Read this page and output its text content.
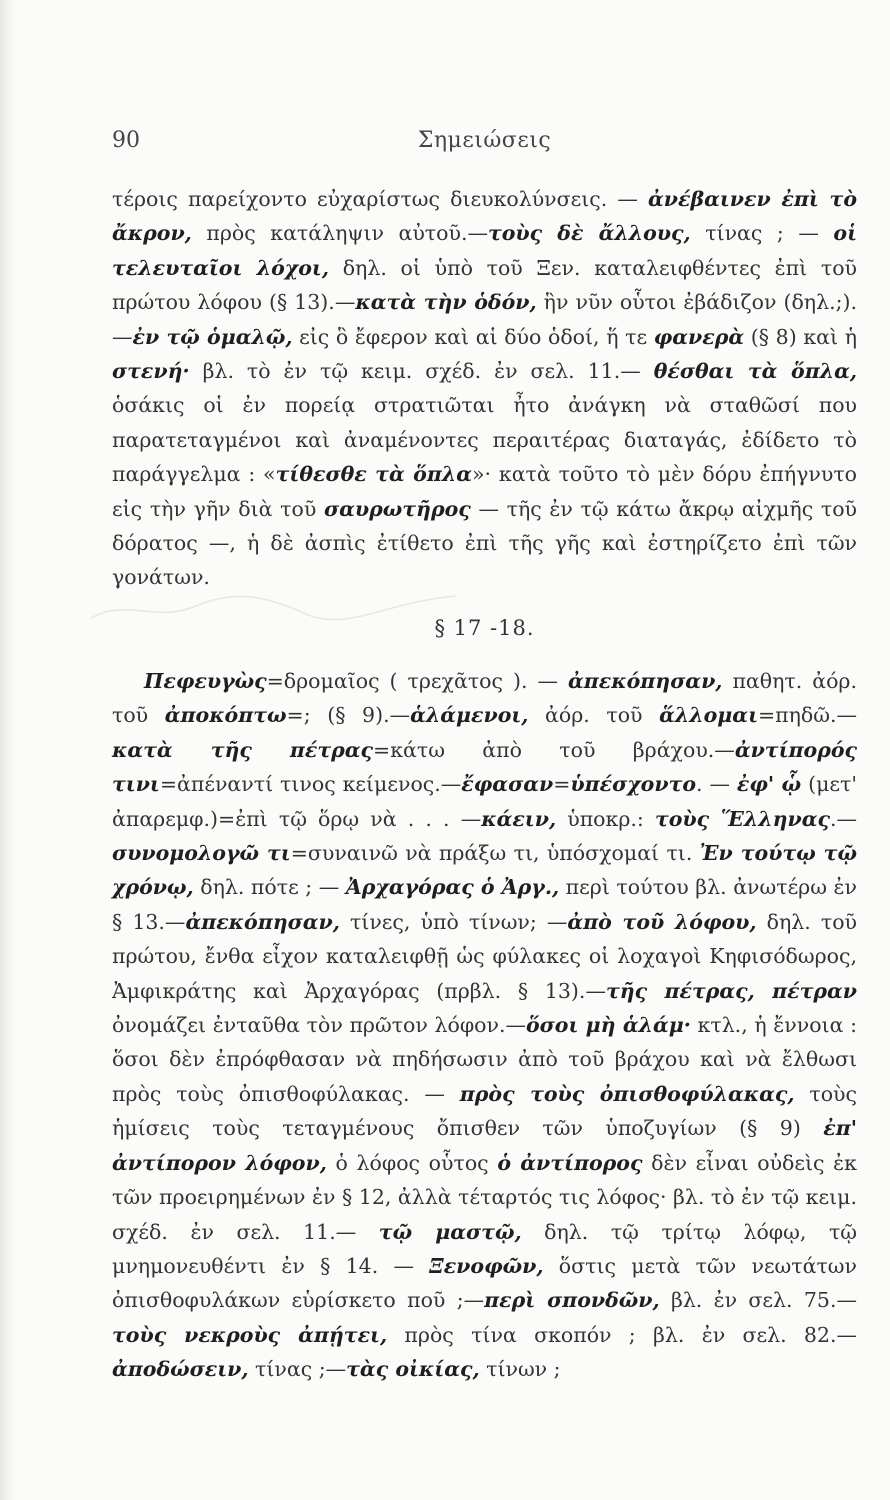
90	Σημειώσεις
τέροις παρείχοντο εὐχαρίστως διευκολύνσεις. — ἀνέβαινεν ἐπὶ τὸ ἄκρον, πρὸς κατάληψιν αὐτοῦ.—τοὺς δὲ ἄλλους, τίνας ; — οἱ τελευταῖοι λόχοι, δηλ. οἱ ὑπὸ τοῦ Ξεν. καταλειφθέντες ἐπὶ τοῦ πρώτου λόφου (§ 13).—κατὰ τὴν ὁδόν, ἣν νῦν οὗτοι ἐβάδιζον (δηλ.;).—ἐν τῷ ὁμαλῷ, εἰς ὃ ἔφερον καὶ αἱ δύο ὁδοί, ἥ τε φανερὰ (§ 8) καὶ ἡ στενή· βλ. τὸ ἐν τῷ κειμ. σχέδ. ἐν σελ. 11.— θέσθαι τὰ ὅπλα, ὁσάκις οἱ ἐν πορείᾳ στρατιῶται ἦτο ἀνάγκη νὰ σταθῶσί που παρατεταγμένοι καὶ ἀναμένοντες περαιτέρας διαταγάς, ἐδίδετο τὸ παράγγελμα : «τίθεσθε τὰ ὅπλα»· κατὰ τοῦτο τὸ μὲν δόρυ ἐπήγνυτο εἰς τὴν γῆν διὰ τοῦ σαυρωτῆρος — τῆς ἐν τῷ κάτω ἄκρῳ αἰχμῆς τοῦ δόρατος —, ἡ δὲ ἀσπὶς ἐτίθετο ἐπὶ τῆς γῆς καὶ ἐστηρίζετο ἐπὶ τῶν γονάτων.
§ 17 -18.
Πεφευγὼς=δρομαῖος ( τρεχᾶτος ). — ἀπεκόπησαν, παθητ. ἀόρ. τοῦ ἀποκόπτω=; (§ 9).—ἁλάμενοι, ἀόρ. τοῦ ἅλλομαι=πηδῶ.—κατὰ τῆς πέτρας=κάτω ἀπὸ τοῦ βράχου.—ἀντίπορός τινι=ἀπέναντί τινος κείμενος.—ἔφασαν=ὑπέσχοντο. — ἐφ' ᾧ (μετ' ἀπαρεμφ.)=ἐπὶ τῷ ὅρῳ νὰ . . . —κάειν, ὑποκρ.: τοὺς Ἕλληνας.—συνομολογῶ τι=συναινῶ νὰ πράξω τι, ὑπόσχομαί τι. Ἐν τούτῳ τῷ χρόνῳ, δηλ. πότε ; — Ἀρχαγόρας ὁ Ἀργ., περὶ τούτου βλ. ἀνωτέρω ἐν § 13.—ἀπεκόπησαν, τίνες, ὑπὸ τίνων; —ἀπὸ τοῦ λόφου, δηλ. τοῦ πρώτου, ἔνθα εἶχον καταλειφθῇ ὡς φύλακες οἱ λοχαγοὶ Κηφισόδωρος, Ἀμφικράτης καὶ Ἀρχαγόρας (πρβλ. § 13).—τῆς πέτρας, πέτραν ὀνομάζει ἐνταῦθα τὸν πρῶτον λόφον.—ὅσοι μὴ ἁλάμ· κτλ., ἡ ἔννοια : ὅσοι δὲν ἐπρόφθασαν νὰ πηδήσωσιν ἀπὸ τοῦ βράχου καὶ νὰ ἔλθωσι πρὸς τοὺς ὀπισθοφύλακας. — πρὸς τοὺς ὀπισθοφύλακας, τοὺς ἡμίσεις τοὺς τεταγμένους ὄπισθεν τῶν ὑποζυγίων (§ 9) ἐπ' ἀντίπορον λόφον, ὁ λόφος οὗτος ὁ ἀντίπορος δὲν εἶναι οὐδεὶς ἐκ τῶν προειρημένων ἐν § 12, ἀλλὰ τέταρτός τις λόφος· βλ. τὸ ἐν τῷ κειμ. σχέδ. ἐν σελ. 11.— τῷ μαστῷ, δηλ. τῷ τρίτῳ λόφῳ, τῷ μνημονευθέντι ἐν § 14. — Ξενοφῶν, ὅστις μετὰ τῶν νεωτάτων ὀπισθοφυλάκων εὑρίσκετο ποῦ ;—περὶ σπονδῶν, βλ. ἐν σελ. 75.— τοὺς νεκροὺς ἀπῄτει, πρὸς τίνα σκοπόν ; βλ. ἐν σελ. 82.—ἀποδώσειν, τίνας ;—τὰς οἰκίας, τίνων ;
